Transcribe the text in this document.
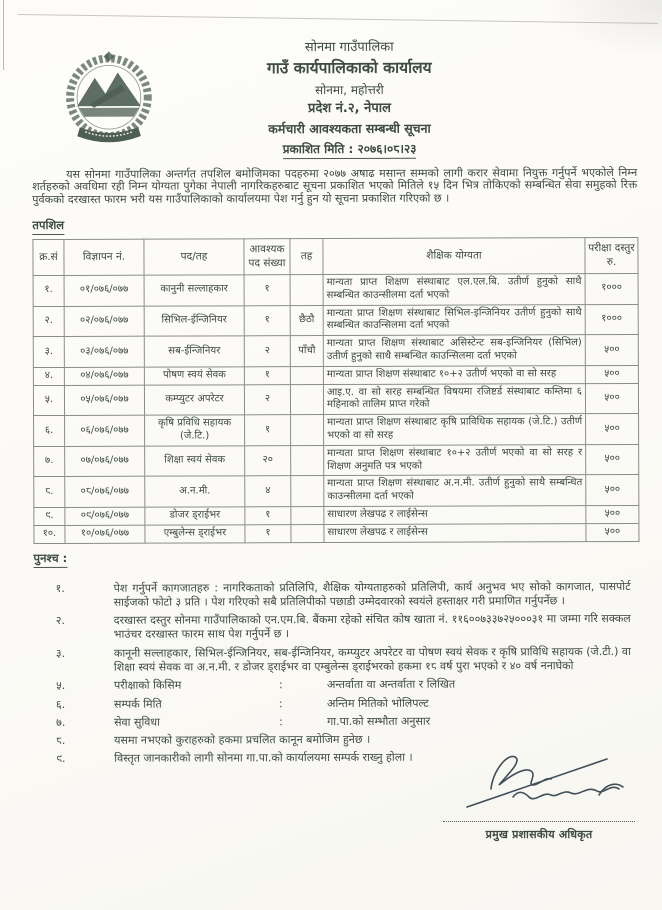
सोनमा गाउँपालिका
गाउँ कार्यपालिकाको कार्यालय
सोनमा, महोत्तरी
प्रदेश नं.२, नेपाल
कर्मचारी आवश्यकता सम्बन्धी सूचना
प्रकाशित मिति : २०७६।०८।२३

यस सोनमा गाउँपालिका अन्तर्गत तपशिल बमोजिमका पदहरुमा २०७७ अषाढ मसान्त सम्मको लागी करार सेवामा नियुक्त गर्नुपर्ने भएकोले निम्न शर्तहरुको अवधिमा रही निम्न योग्यता पुगेका नेपाली नागरिकहरुबाट सूचना प्रकाशित भएको मितिले १५ दिन भित्र तोकिएको सम्बन्धित सेवा समुहको रिक्त पुर्वकको दरखास्त फारम भरी यस गाउँपालिकाको कार्यालयमा पेश गर्नु हुन यो सूचना प्रकाशित गरिएको छ ।

तपशिल
क्र.सं	विज्ञापन नं.	पद/तह	आवश्यक पद संख्या	तह	शैक्षिक योग्यता	परीक्षा दस्तुर रु.
१.	०१/०७६/०७७	कानुनी सल्लाहकार	१		मान्यता प्राप्त शिक्षण संस्थाबाट एल.एल.बि. उतीर्ण हुनुको साथै सम्बन्धित काउन्सीलमा दर्ता भएको	१०००
२.	०२/०७६/०७७	सिभिल-ईन्जिनियर	१	छैठौ	मान्यता प्राप्त शिक्षण संस्थाबाट सिभिल-इन्जिनियर उतीर्ण हुनुको साथै सम्बन्धित काउन्सिलमा दर्ता भएको	१०००
३.	०३/०७६/०७७	सब-ईन्जिनियर	२	पाँचौ	मान्यता प्राप्त शिक्षण संस्थाबाट असिस्टेन्ट सब-इन्जिनियर (सिभिल) उतीर्ण हुनुको साथै सम्बन्धित काउन्सिलमा दर्ता भएको	५००
४.	०४/०७६/०७७	पोषण स्वयं सेवक	१		मान्यता प्राप्त शिक्षण संस्थाबाट १०+२ उतीर्ण भएको वा सो सरह	५००
५.	०५/०७६/०७७	कम्प्युटर अपरेटर	२		आइ.ए. वा सो सरह सम्बन्धित विषयमा रजिष्टर्ड संस्थाबाट कम्तिमा ६ महिनाको तालिम प्राप्त गरेको	५००
६.	०६/०७६/०७७	कृषि प्रविधि सहायक (जे.टि.)	१		मान्यता प्राप्त शिक्षण संस्थाबाट कृषि प्राविधिक सहायक (जे.टि.) उतीर्ण भएको वा सो सरह	५००
७.	०७/०७६/०७७	शिक्षा स्वयं सेवक	२०		मान्यता प्राप्त शिक्षण संस्थाबाट १०+२ उतीर्ण भएको वा सो सरह र शिक्षण अनुमति पत्र भएको	५००
८.	०८/०७६/०७७	अ.न.मी.	४		मान्यता प्राप्त शिक्षण संस्थाबाट अ.न.मी. उतीर्ण हुनुको साथै सम्बन्धित काउन्सीलमा दर्ता भएको	५००
९.	०९/०७६/०७७	डोजर ड्राईभर	१		साधारण लेखपढ र लाईसेन्स	५००
१०.	१०/०७६/०७७	एम्बुलेन्स ड्राईभर	१		साधारण लेखपढ र लाईसेन्स	५००
पुनश्च :
१.	पेश गर्नुपर्ने कागजातहरु : नागरिकताको प्रतिलिपि, शैक्षिक योग्यताहरुको प्रतिलिपी, कार्य अनुभव भए सोको कागजात, पासपोर्ट साईजको फोटो ३ प्रति । पेश गरिएको सबै प्रतिलिपीको पछाडी उम्मेदवारको स्वयंले हस्ताक्षर गरी प्रमाणित गर्नुपर्नेछ ।
२.	दरखास्त दस्तुर सोनमा गाउँपालिकाको एन.एम.बि. बैंकमा रहेको संचित कोष खाता नं. ११६००७३३७२५०००३१ मा जम्मा गरि सक्कल भाउंचर दरखास्त फारम साथ पेश गर्नुपर्ने छ ।
३.	कानूनी सल्लाहकार, सिभिल-ईन्जिनियर, सब-ईन्जिनियर, कम्प्युटर अपरेटर वा पोषण स्वयं सेवक र कृषि प्राविधि सहायक (जे.टी.) वा शिक्षा स्वयं सेवक वा अ.न.मी. र डोजर ड्राईभर वा एम्बुलेन्स ड्राईभरको हकमा १८ वर्ष पुरा भएको र ४० वर्ष ननाघेको
५.	परीक्षाको किसिम	:	अन्तर्वाता वा अन्तर्वाता र लिखित
६.	सम्पर्क मिति	:	अन्तिम मितिको भोलिपल्ट
७.	सेवा सुविधा	:	गा.पा.को सम्भौता अनुसार
८.	यसमा नभएको कुराहरुको हकमा प्रचलित कानून बमोजिम हुनेछ ।
९.	विस्तृत जानकारीको लागी सोनमा गा.पा.को कार्यालयमा सम्पर्क राख्नु होला ।
प्रमुख प्रशासकीय अधिकृत
